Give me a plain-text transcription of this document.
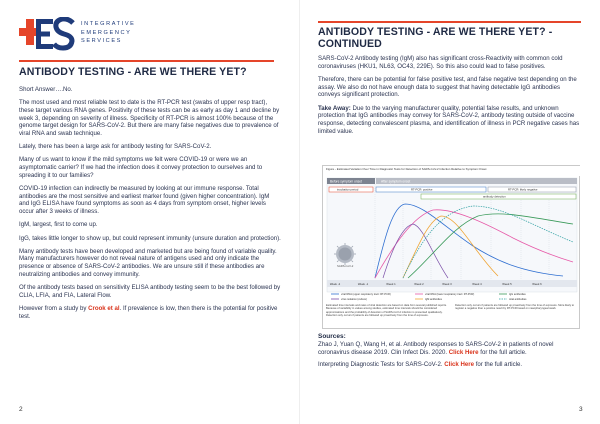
INTEGRATIVE
EMERGENCY
SERVICES
ANTIBODY TESTING - ARE WE THERE YET?

Short Answer….No.

The most used and most reliable test to date is the RT-PCR test (swabs of upper resp tract), these target various RNA genes. Positivity of these tests can be as early as day 1 and decline by week 3, depending on severity of illness. Specificity of RT-PCR is almost 100% because of the genome target design for SARS-CoV-2. But there are many false negatives due to prevalence of viral RNA and swab technique.

Lately, there has been a large ask for antibody testing for SARS-CoV-2.

Many of us want to know if the mild symptoms we felt were COVID-19 or were we an asymptomatic carrier? If we had the infection does it convey protection to ourselves and to spreading it to our families?

COVID-19 infection can indirectly be measured by looking at our immune response. Total antibodies are the most sensitive and earliest marker found (given higher concentration). IgM and IgG ELISA have found symptoms as soon as 4 days from symptom onset, higher levels occur after 3 weeks of illness.

IgM, largest, first to come up.

IgG, takes little longer to show up, but could represent immunity (unsure duration and protection).

Many antibody tests have been developed and marketed but are being found of variable quality. Many manufacturers however do not reveal nature of antigens used and only indicate the presence or absence of SARS-CoV-2 antibodies. We are unsure still if these antibodies are neutralizing antibodies and convey immunity.

Of the antibody tests based on sensitivity ELISA antibody testing seem to be the best followed by CLIA, LFIA, and FIA, Lateral Flow.

However from a study by Crook et al. If prevalence is low, then there is the potential for positive test.

2
ANTIBODY TESTING - ARE WE THERE YET? - CONTINUED

SARS-CoV-2 Antibody testing (IgM) also has significant cross-Reactivity with common cold coronaviruses (HKU1, NL63, OC43, 229E). So this also could lead to false positives.

Therefore, there can be potential for false positive test, and false negative test depending on the assay. We also do not have enough data to suggest that having detectable IgG antibodies conveys significant protection.

Take Away: Due to the varying manufacturer quality, potential false results, and unknown protection that IgG antibodies may convey for SARS-CoV-2, antibody testing outside of vaccine response, detecting convalescent plasma, and identification of illness in PCR negative cases has limited value.

Before symptom onset	After symptom onset
incubation period	RT-PCR: positive	RT-PCR: likely negative
antibody detection
SARS-CoV-2
Week -2	Week -1	Week 1	Week 2	Week 3	Week 4	Week 5	Week 6
viral RNA (upper respiratory tract: RT-PCR)	viral RNA (lower respiratory tract: RT-PCR)	IgG antibodies
virus isolation (culture)	IgM antibodies	total antibodies
Estimated time intervals and rates of viral detection are based on data from several published reports. Because of variability in values among studies, estimated time intervals should be considered approximations and the probability of detection of SARS-CoV-2 infection is presented qualitatively. Detection only occurs if patients are followed up proactively from the time of exposure.
Detection only occurs if patients are followed up proactively from the time of exposure. More likely to register a negative than a positive result by RT-PCR based on nasopharyngeal swab.
Figure - Estimated Variation Over Time in Diagnostic Tests for Detection of SARS-CoV-2 Infection Relative to Symptom Onset
Sources:

Zhao J, Yuan Q, Wang H, et al. Antibody responses to SARS-CoV-2 in patients of novel coronavirus disease 2019. Clin Infect Dis. 2020. Click Here for the full article.

Interpreting Diagnostic Tests for SARS-CoV-2. Click Here for the full article.

3
